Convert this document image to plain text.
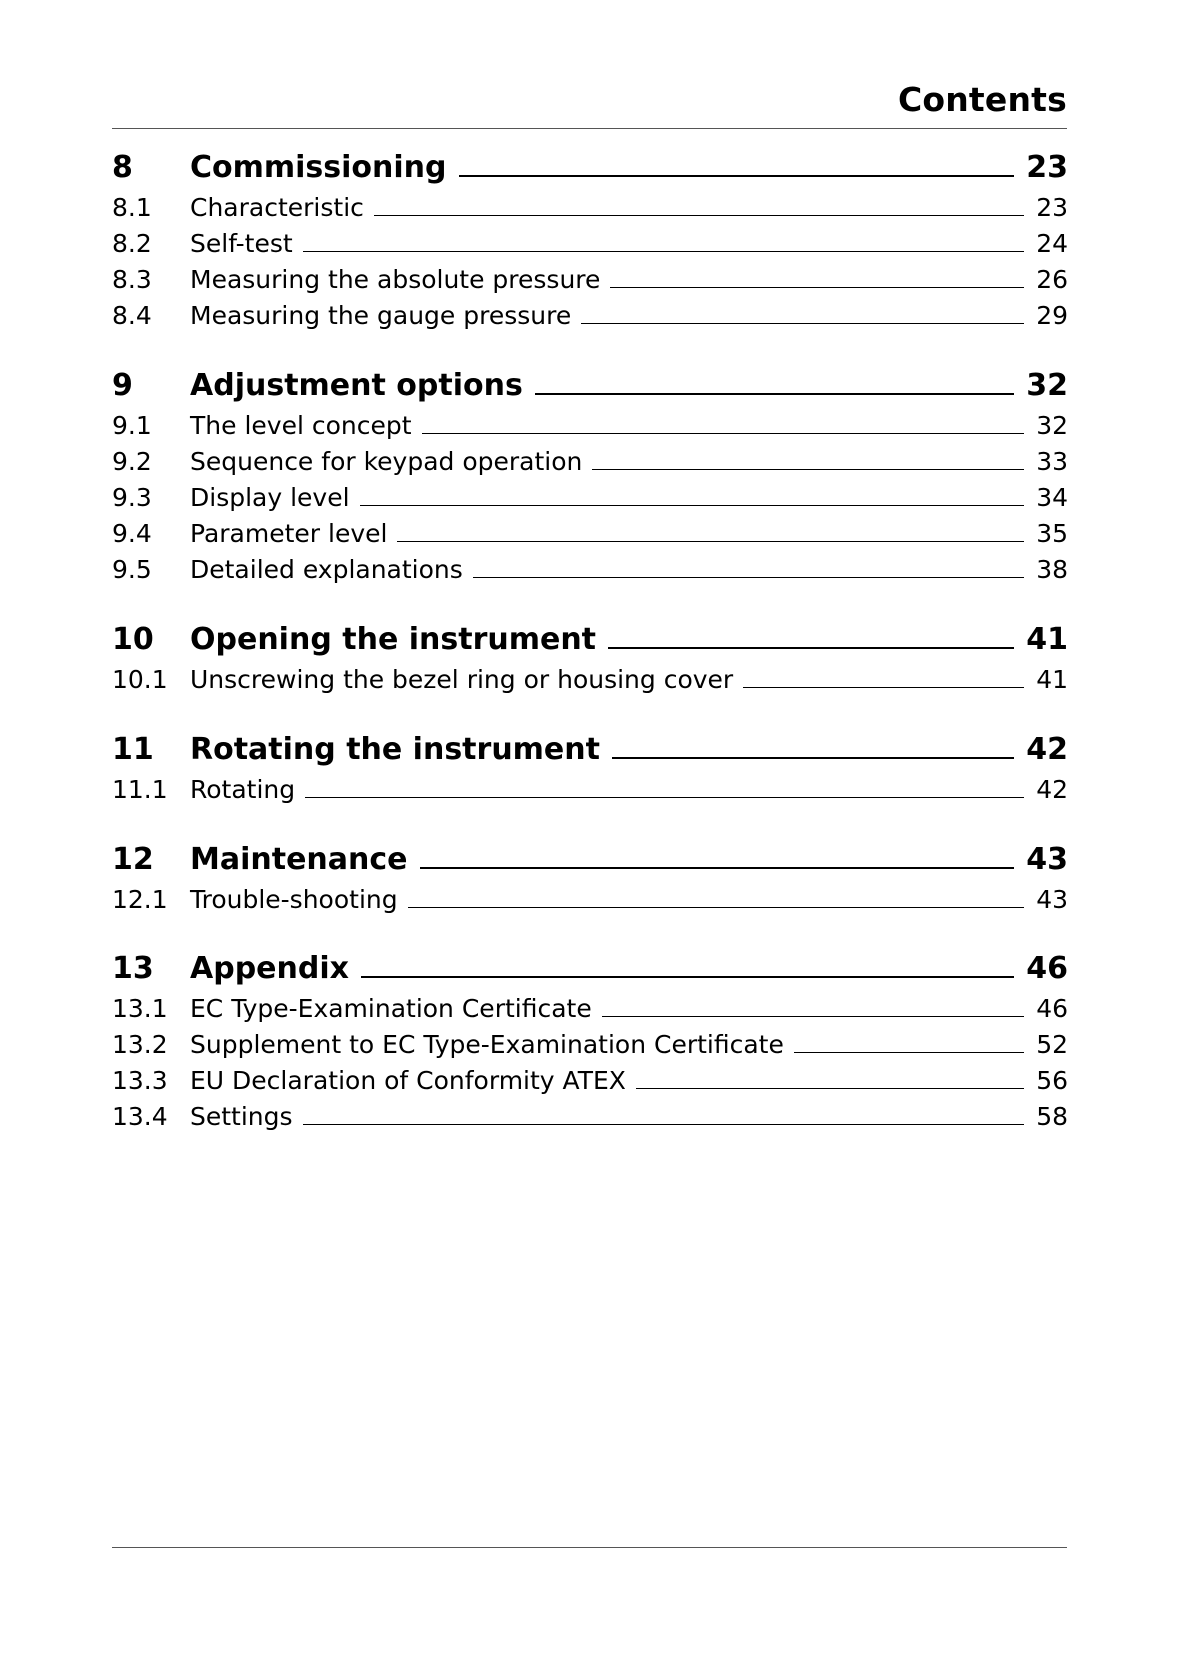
Contents
8	Commissioning	23
8.1	Characteristic	23
8.2	Self-test	24
8.3	Measuring the absolute pressure	26
8.4	Measuring the gauge pressure	29
9	Adjustment options	32
9.1	The level concept	32
9.2	Sequence for keypad operation	33
9.3	Display level	34
9.4	Parameter level	35
9.5	Detailed explanations	38
10	Opening the instrument	41
10.1 Unscrewing the bezel ring or housing cover	41
11	Rotating the instrument	42
11.1 Rotating	42
12	Maintenance	43
12.1 Trouble-shooting	43
13	Appendix	46
13.1 EC Type-Examination Certificate	46
13.2 Supplement to EC Type-Examination Certificate	52
13.3 EU Declaration of Conformity ATEX	56
13.4 Settings	58
